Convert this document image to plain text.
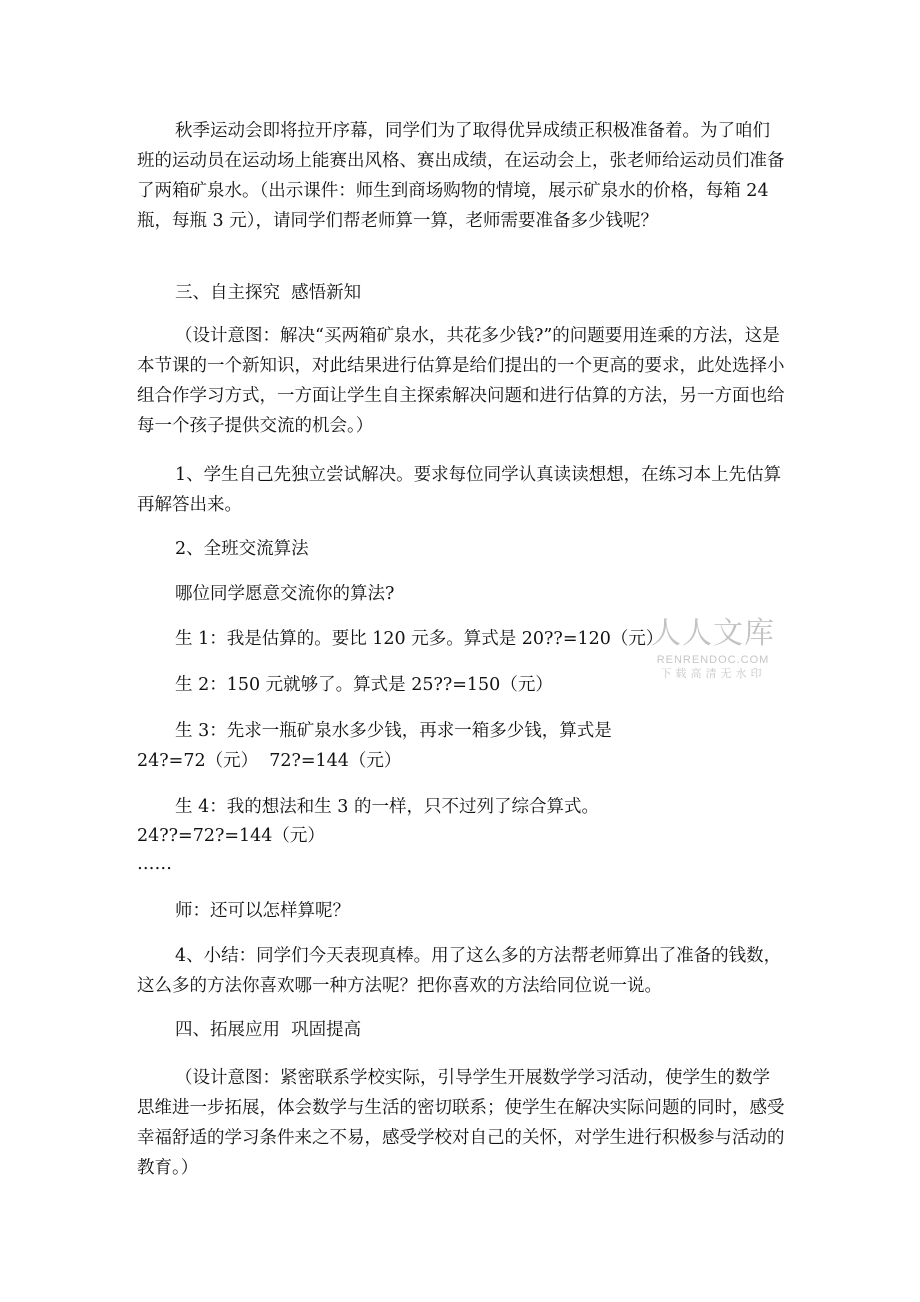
秋季运动会即将拉开序幕，同学们为了取得优异成绩正积极准备着。为了咱们班的运动员在运动场上能赛出风格、赛出成绩，在运动会上，张老师给运动员们准备了两箱矿泉水。（出示课件：师生到商场购物的情境，展示矿泉水的价格，每箱 24 瓶，每瓶 3 元），请同学们帮老师算一算，老师需要准备多少钱呢？

三、自主探究  感悟新知

（设计意图：解决“买两箱矿泉水，共花多少钱?”的问题要用连乘的方法，这是本节课的一个新知识，对此结果进行估算是给们提出的一个更高的要求，此处选择小组合作学习方式，一方面让学生自主探索解决问题和进行估算的方法，另一方面也给每一个孩子提供交流的机会。）

1、学生自己先独立尝试解决。要求每位同学认真读读想想，在练习本上先估算再解答出来。

2、全班交流算法

哪位同学愿意交流你的算法?

生 1：我是估算的。要比 120 元多。算式是 20??=120（元）

生 2：150 元就够了。算式是 25??=150（元）

生 3：先求一瓶矿泉水多少钱，再求一箱多少钱，算式是

24?=72（元）  72?=144（元）

生 4：我的想法和生 3 的一样，只不过列了综合算式。

24??=72?=144（元）

……

师：还可以怎样算呢？

4、小结：同学们今天表现真棒。用了这么多的方法帮老师算出了准备的钱数，这么多的方法你喜欢哪一种方法呢？把你喜欢的方法给同位说一说。

四、拓展应用  巩固提高

（设计意图：紧密联系学校实际，引导学生开展数学学习活动，使学生的数学思维进一步拓展，体会数学与生活的密切联系；使学生在解决实际问题的同时，感受幸福舒适的学习条件来之不易，感受学校对自己的关怀，对学生进行积极参与活动的教育。）

人人文库
RENRENDOC.COM
下载高清无水印
